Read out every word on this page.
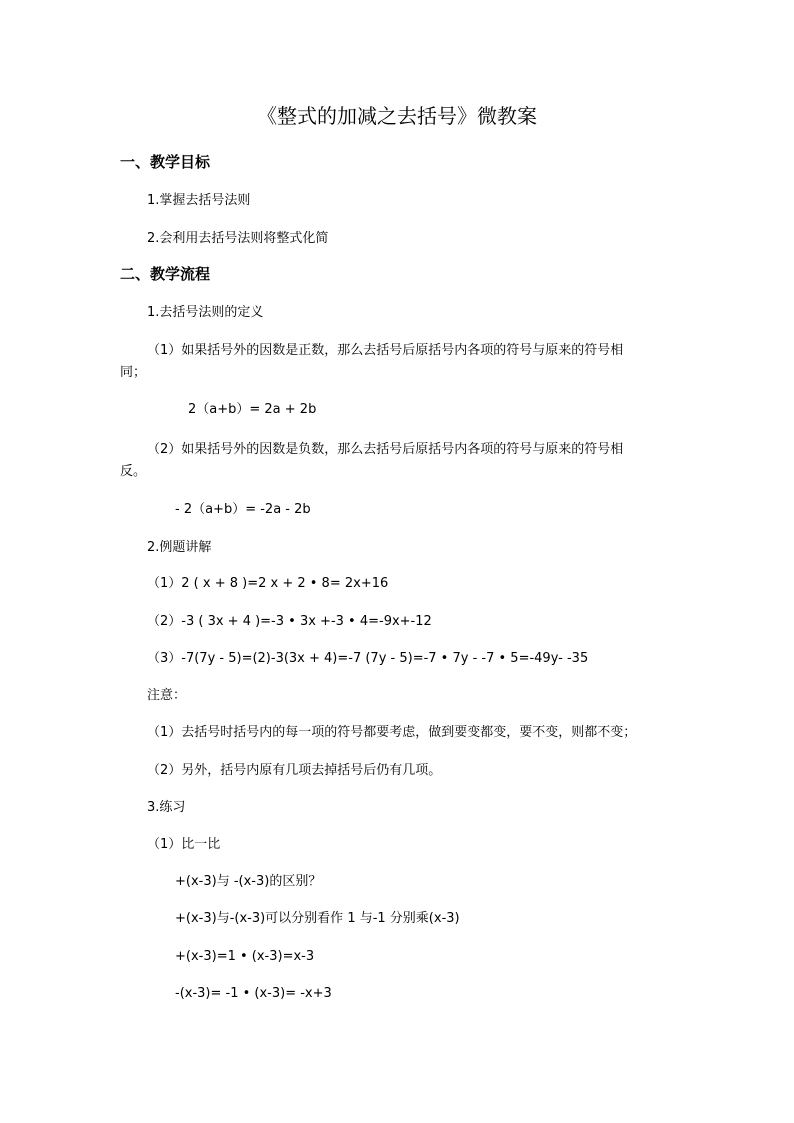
《整式的加减之去括号》微教案
一、教学目标
1.掌握去括号法则
2.会利用去括号法则将整式化简
二、教学流程
1.去括号法则的定义
（1）如果括号外的因数是正数，那么去括号后原括号内各项的符号与原来的符号相
同；
2（a+b）= 2a + 2b
（2）如果括号外的因数是负数，那么去括号后原括号内各项的符号与原来的符号相
反。
- 2（a+b）= -2a - 2b
2.例题讲解
（1）2 ( x + 8 )=2 x + 2 • 8= 2x+16
（2）-3 ( 3x + 4 )=-3 • 3x +-3 • 4=-9x+-12
（3）-7(7y - 5)=(2)-3(3x + 4)=-7 (7y - 5)=-7 • 7y - -7 • 5=-49y- -35
注意：
（1）去括号时括号内的每一项的符号都要考虑，做到要变都变，要不变，则都不变；
（2）另外，括号内原有几项去掉括号后仍有几项。
3.练习
（1）比一比
+(x-3)与 -(x-3)的区别？
+(x-3)与-(x-3)可以分别看作 1 与-1 分别乘(x-3)
+(x-3)=1 • (x-3)=x-3
-(x-3)= -1 • (x-3)= -x+3
